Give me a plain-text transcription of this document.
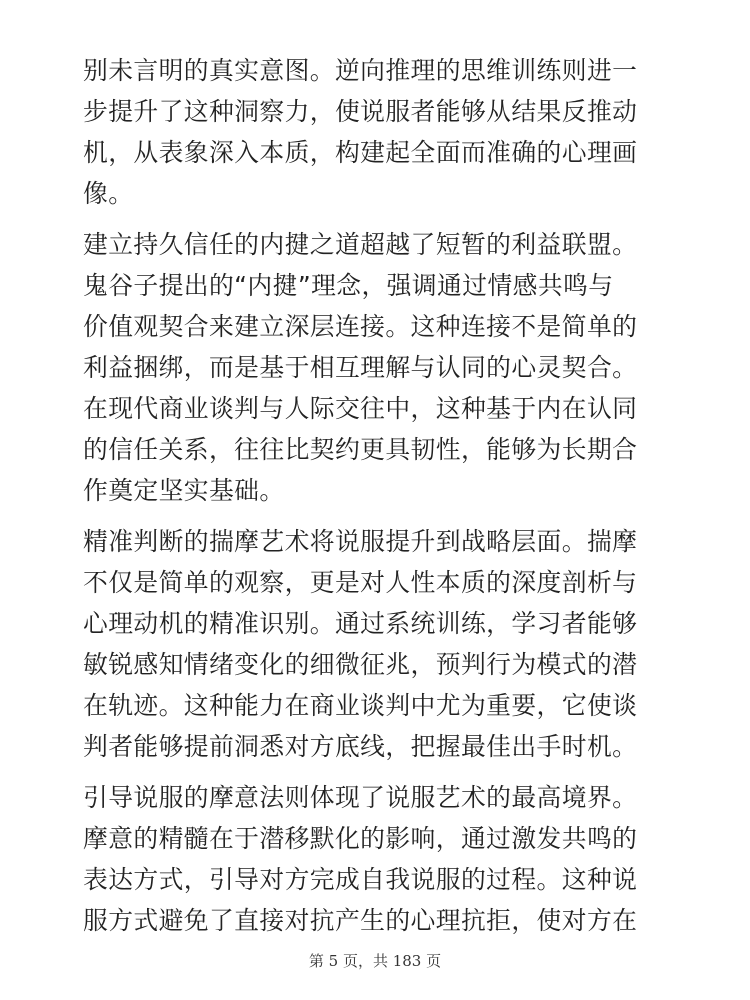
别未言明的真实意图。逆向推理的思维训练则进一
步提升了这种洞察力，使说服者能够从结果反推动
机，从表象深入本质，构建起全面而准确的心理画
像。
建立持久信任的内揵之道超越了短暂的利益联盟。
鬼谷子提出的“内揵”理念，强调通过情感共鸣与
价值观契合来建立深层连接。这种连接不是简单的
利益捆绑，而是基于相互理解与认同的心灵契合。
在现代商业谈判与人际交往中，这种基于内在认同
的信任关系，往往比契约更具韧性，能够为长期合
作奠定坚实基础。
精准判断的揣摩艺术将说服提升到战略层面。揣摩
不仅是简单的观察，更是对人性本质的深度剖析与
心理动机的精准识别。通过系统训练，学习者能够
敏锐感知情绪变化的细微征兆，预判行为模式的潜
在轨迹。这种能力在商业谈判中尤为重要，它使谈
判者能够提前洞悉对方底线，把握最佳出手时机。
引导说服的摩意法则体现了说服艺术的最高境界。
摩意的精髓在于潜移默化的影响，通过激发共鸣的
表达方式，引导对方完成自我说服的过程。这种说
服方式避免了直接对抗产生的心理抗拒，使对方在
第 5 页，共 183 页
